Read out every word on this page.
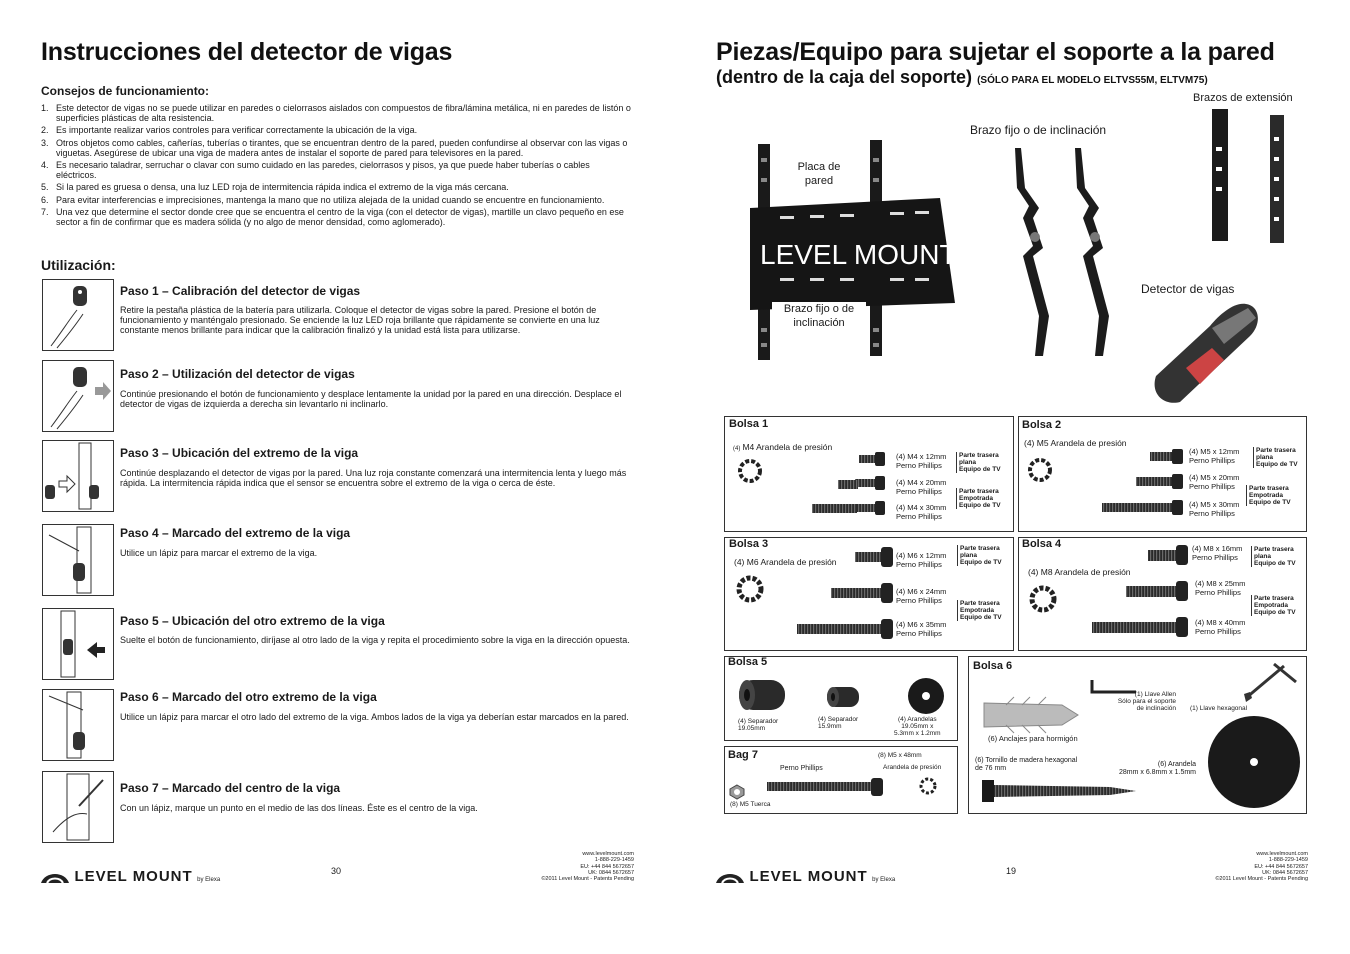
Instrucciones del detector de vigas
Consejos de funcionamiento:
1. Este detector de vigas no se puede utilizar en paredes o cielorrasos aislados con compuestos de fibra/lámina metálica, ni en paredes de listón o superficies plásticas de alta resistencia.
2. Es importante realizar varios controles para verificar correctamente la ubicación de la viga.
3. Otros objetos como cables, cañerías, tuberías o tirantes, que se encuentran dentro de la pared, pueden confundirse al observar con las vigas o viguetas. Asegúrese de ubicar una viga de madera antes de instalar el soporte de pared para televisores en la pared.
4. Es necesario taladrar, serruchar o clavar con sumo cuidado en las paredes, cielorrasos y pisos, ya que puede haber tuberías o cables eléctricos.
5. Si la pared es gruesa o densa, una luz LED roja de intermitencia rápida indica el extremo de la viga más cercana.
6. Para evitar interferencias e imprecisiones, mantenga la mano que no utiliza alejada de la unidad cuando se encuentre en funcionamiento.
7. Una vez que determine el sector donde cree que se encuentra el centro de la viga (con el detector de vigas), martille un clavo pequeño en ese sector a fin de confirmar que es madera sólida (y no algo de menor densidad, como aglomerado).
Utilización:
Paso 1 – Calibración del detector de vigas
Retire la pestaña plástica de la batería para utilizarla. Coloque el detector de vigas sobre la pared. Presione el botón de funcionamiento y manténgalo presionado. Se enciende la luz LED roja brillante que rápidamente se convierte en una luz constante menos brillante para indicar que la calibración finalizó y la unidad está lista para utilizarse.
Paso 2 – Utilización del detector de vigas
Continúe presionando el botón de funcionamiento y desplace lentamente la unidad por la pared en una dirección. Desplace el detector de vigas de izquierda a derecha sin levantarlo ni inclinarlo.
Paso 3 – Ubicación del extremo de la viga
Continúe desplazando el detector de vigas por la pared. Una luz roja constante comenzará una intermitencia lenta y luego más rápida. La intermitencia rápida indica que el sensor se encuentra sobre el extremo de la viga o cerca de éste.
Paso 4 – Marcado del extremo de la viga
Utilice un lápiz para marcar el extremo de la viga.
Paso 5 – Ubicación del otro extremo de la viga
Suelte el botón de funcionamiento, diríjase al otro lado de la viga y repita el procedimiento sobre la viga en la dirección opuesta.
Paso 6 – Marcado del otro extremo de la viga
Utilice un lápiz para marcar el otro lado del extremo de la viga. Ambos lados de la viga ya deberían estar marcados en la pared.
Paso 7 – Marcado del centro de la viga
Con un lápiz, marque un punto en el medio de las dos líneas. Éste es el centro de la viga.
LEVEL MOUNT by Elexa
30
www.levelmount.com
1-888-229-1459
EU: +44 844 5672657
UK: 0844 5672657
©2011 Level Mount - Patents Pending
Piezas/Equipo para sujetar el soporte a la pared
(dentro de la caja del soporte) (SÓLO PARA EL MODELO ELTVS55M, ELTVM75)
Brazos de extensión
Brazo fijo o de inclinación
LEVEL MOUNT
Placa de
pared
Brazo fijo o de
inclinación
Detector de vigas
Bolsa 1
(4) M4 Arandela de presión
(4) M4 x 12mm
Perno Phillips
(4) M4 x 20mm
Perno Phillips
(4) M4 x 30mm
Perno Phillips
Parte trasera
plana
Equipo de TV
Parte trasera
Empotrada
Equipo de TV
Bolsa 2
(4) M5 Arandela de presión
(4) M5 x 12mm
Perno Phillips
(4) M5 x 20mm
Perno Phillips
(4) M5 x 30mm
Perno Phillips
Parte trasera
plana
Equipo de TV
Parte trasera
Empotrada
Equipo de TV
Bolsa 3
(4) M6 Arandela de presión
(4) M6 x 12mm
Perno Phillips
(4) M6 x 24mm
Perno Phillips
(4) M6 x 35mm
Perno Phillips
Parte trasera
plana
Equipo de TV
Parte trasera
Empotrada
Equipo de TV
Bolsa 4
(4) M8 Arandela de presión
(4) M8 x 16mm
Perno Phillips
(4) M8 x 25mm
Perno Phillips
(4) M8 x 40mm
Perno Phillips
Parte trasera
plana
Equipo de TV
Parte trasera
Empotrada
Equipo de TV
Bolsa 5
(4) Separador
19.05mm
(4) Separador
15.9mm
(4) Arandelas
19.05mm x
5.3mm x 1.2mm
Bolsa 6
(1) Llave Allen
Sólo para el soporte
de inclinación (1) Llave hexagonal
(6) Anclajes para hormigón
(6) Tornillo de madera hexagonal
de 76 mm
(6) Arandela
28mm x 6.8mm x 1.5mm
Bag 7	(8) M5 x 48mm
Perno Phillips	Arandela de presión
(8) M5 Tuerca
LEVEL MOUNT by Elexa
19
www.levelmount.com
1-888-229-1459
EU: +44 844 5672657
UK: 0844 5672657
©2011 Level Mount - Patents Pending
